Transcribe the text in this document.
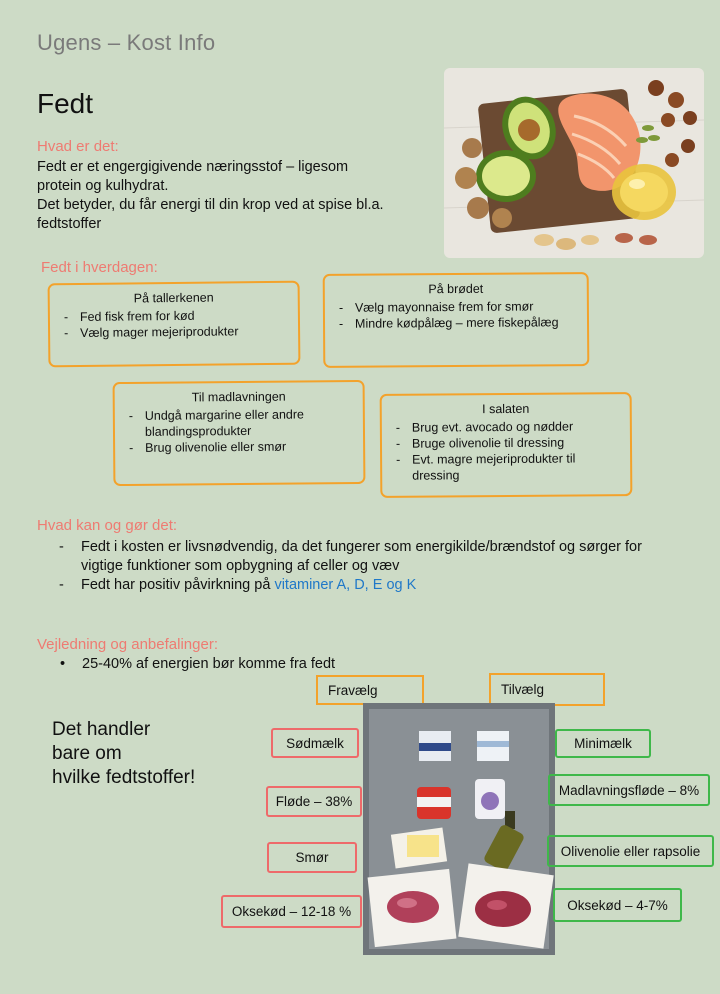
Ugens – Kost Info
Fedt
Hvad er det:
Fedt er et engergigivende næringsstof – ligesom
protein og kulhydrat.
Det betyder, du får energi til din krop ved at spise bl.a.
fedtstoffer
Fedt i hverdagen:
På tallerkenen
- Fed fisk frem for kød
- Vælg mager mejeriprodukter
På brødet
- Vælg mayonnaise frem for smør
- Mindre kødpålæg – mere fiskepålæg
Til madlavningen
- Undgå margarine eller andre blandingsprodukter
- Brug olivenolie eller smør
I salaten
- Brug evt. avocado og nødder
- Bruge olivenolie til dressing
- Evt. magre mejeriprodukter til dressing
Hvad kan og gør det:
- Fedt i kosten er livsnødvendig, da det fungerer som energikilde/brændstof og sørger for vigtige funktioner som opbygning af celler og væv
- Fedt har positiv påvirkning på vitaminer A, D, E og K
Vejledning og anbefalinger:
• 25-40% af energien bør komme fra fedt
Det handler
bare om
hvilke fedtstoffer!
Fravælg	Tilvælg
Sødmælk
Fløde – 38%
Smør
Oksekød – 12-18 %
Minimælk
Madlavningsfløde – 8%
Olivenolie eller rapsolie
Oksekød – 4-7%
